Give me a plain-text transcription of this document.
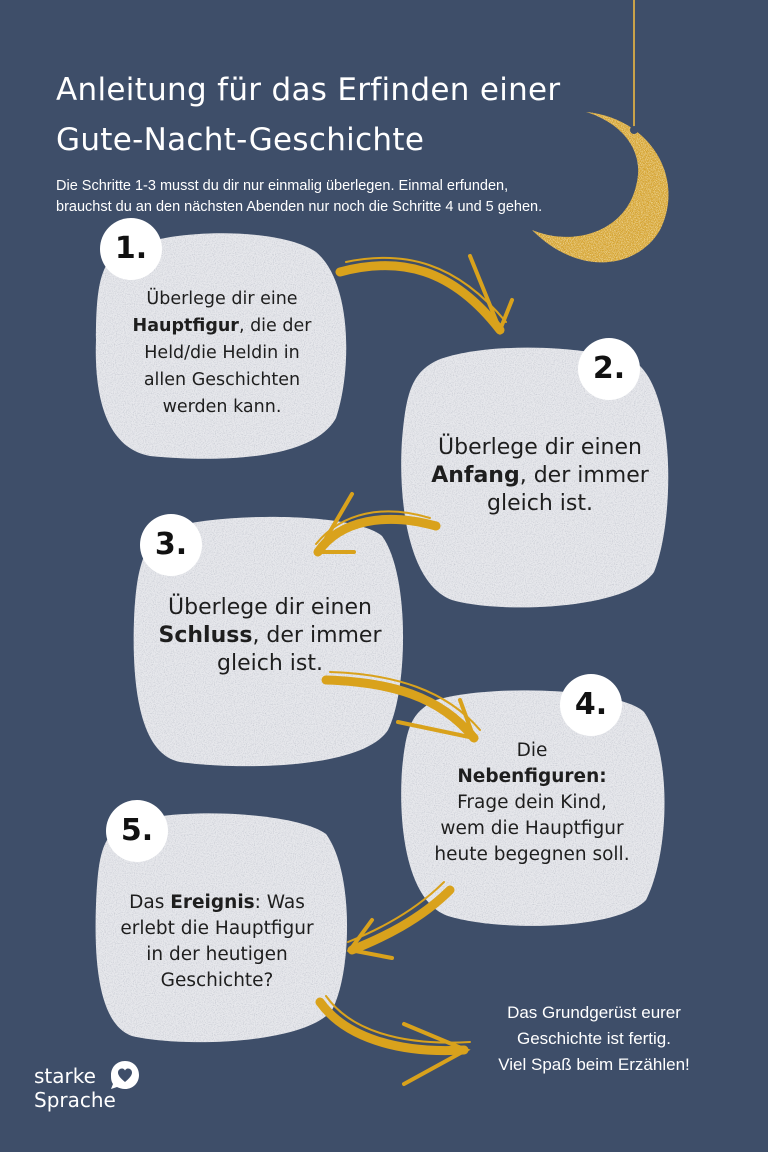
Anleitung für das Erfinden einer
Gute-Nacht-Geschichte
Die Schritte 1-3 musst du dir nur einmalig überlegen. Einmal erfunden,
brauchst du an den nächsten Abenden nur noch die Schritte 4 und 5 gehen.
1.
2.
3.
4.
5.
Überlege dir eine Hauptfigur, die der Held/die Heldin in allen Geschichten werden kann.
Überlege dir einen Anfang, der immer gleich ist.
Überlege dir einen Schluss, der immer gleich ist.
Die
Nebenfiguren:
Frage dein Kind, wem die Hauptfigur heute begegnen soll.
Das Ereignis: Was erlebt die Hauptfigur in der heutigen Geschichte?
Das Grundgerüst eurer
Geschichte ist fertig.
Viel Spaß beim Erzählen!
starke
Sprache
